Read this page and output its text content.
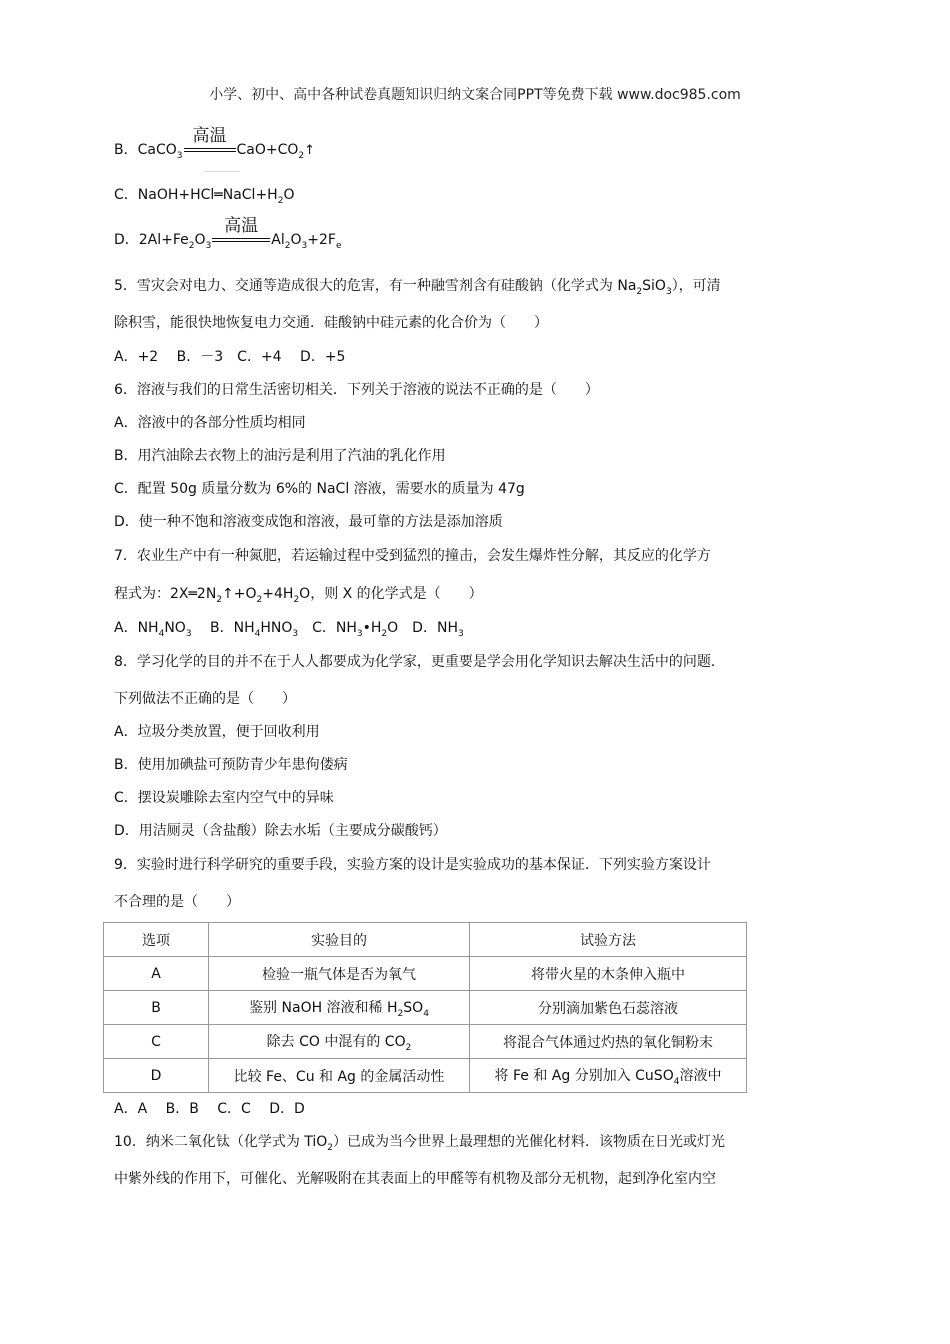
小学、初中、高中各种试卷真题知识归纳文案合同PPT等免费下载 www.doc985.com
B．CaCO$_3$
高温
$CaO+CO_2↑$
C．$NaOH+HCl═NaCl+H_2O$
D．$2Al+Fe_2O_3$
高温
$Al_2O_3+2F_e$
5．雪灾会对电力、交通等造成很大的危害，有一种融雪剂含有硅酸钠（化学式为 $Na_2SiO_3$），可清
除积雪，能很快地恢复电力交通．硅酸钠中硅元素的化合价为（　　）
A．+2　 B．－3　C．+4　 D．+5
6．溶液与我们的日常生活密切相关．下列关于溶液的说法不正确的是（　　）
A．溶液中的各部分性质均相同
B．用汽油除去衣物上的油污是利用了汽油的乳化作用
C．配置 50g 质量分数为 6%的 NaCl 溶液，需要水的质量为 47g
D．使一种不饱和溶液变成饱和溶液，最可靠的方法是添加溶质
7．农业生产中有一种氮肥，若运输过程中受到猛烈的撞击，会发生爆炸性分解，其反应的化学方
程式为：$2X═2N_2↑+O_2+4H_2O$，则 X 的化学式是（　　）
A．$NH_4NO_3$　 B．$NH_4HNO_3$　C．$NH_3•H_2O$　D．$NH_3$
8．学习化学的目的并不在于人人都要成为化学家，更重要是学会用化学知识去解决生活中的问题．
下列做法不正确的是（　　）
A．垃圾分类放置，便于回收利用
B．使用加碘盐可预防青少年患佝偻病
C．摆设炭雕除去室内空气中的异味
D．用洁厕灵（含盐酸）除去水垢（主要成分碳酸钙）
9．实验时进行科学研究的重要手段，实验方案的设计是实验成功的基本保证．下列实验方案设计
不合理的是（　　）
选项	实验目的	试验方法
A	检验一瓶气体是否为氧气	将带火星的木条伸入瓶中
B	鉴别 NaOH 溶液和稀 $H_2SO_4$	分别滴加紫色石蕊溶液
C	除去 CO 中混有的 $CO_2$	将混合气体通过灼热的氧化铜粉末
D	比较 Fe、Cu 和 Ag 的金属活动性	将 Fe 和 Ag 分别加入 CuSO$_4$溶液中
A．A　 B．B　 C．C　 D．D
10．纳米二氧化钛（化学式为 TiO$_2$）已成为当今世界上最理想的光催化材料．该物质在日光或灯光
中紫外线的作用下，可催化、光解吸附在其表面上的甲醛等有机物及部分无机物，起到净化室内空
